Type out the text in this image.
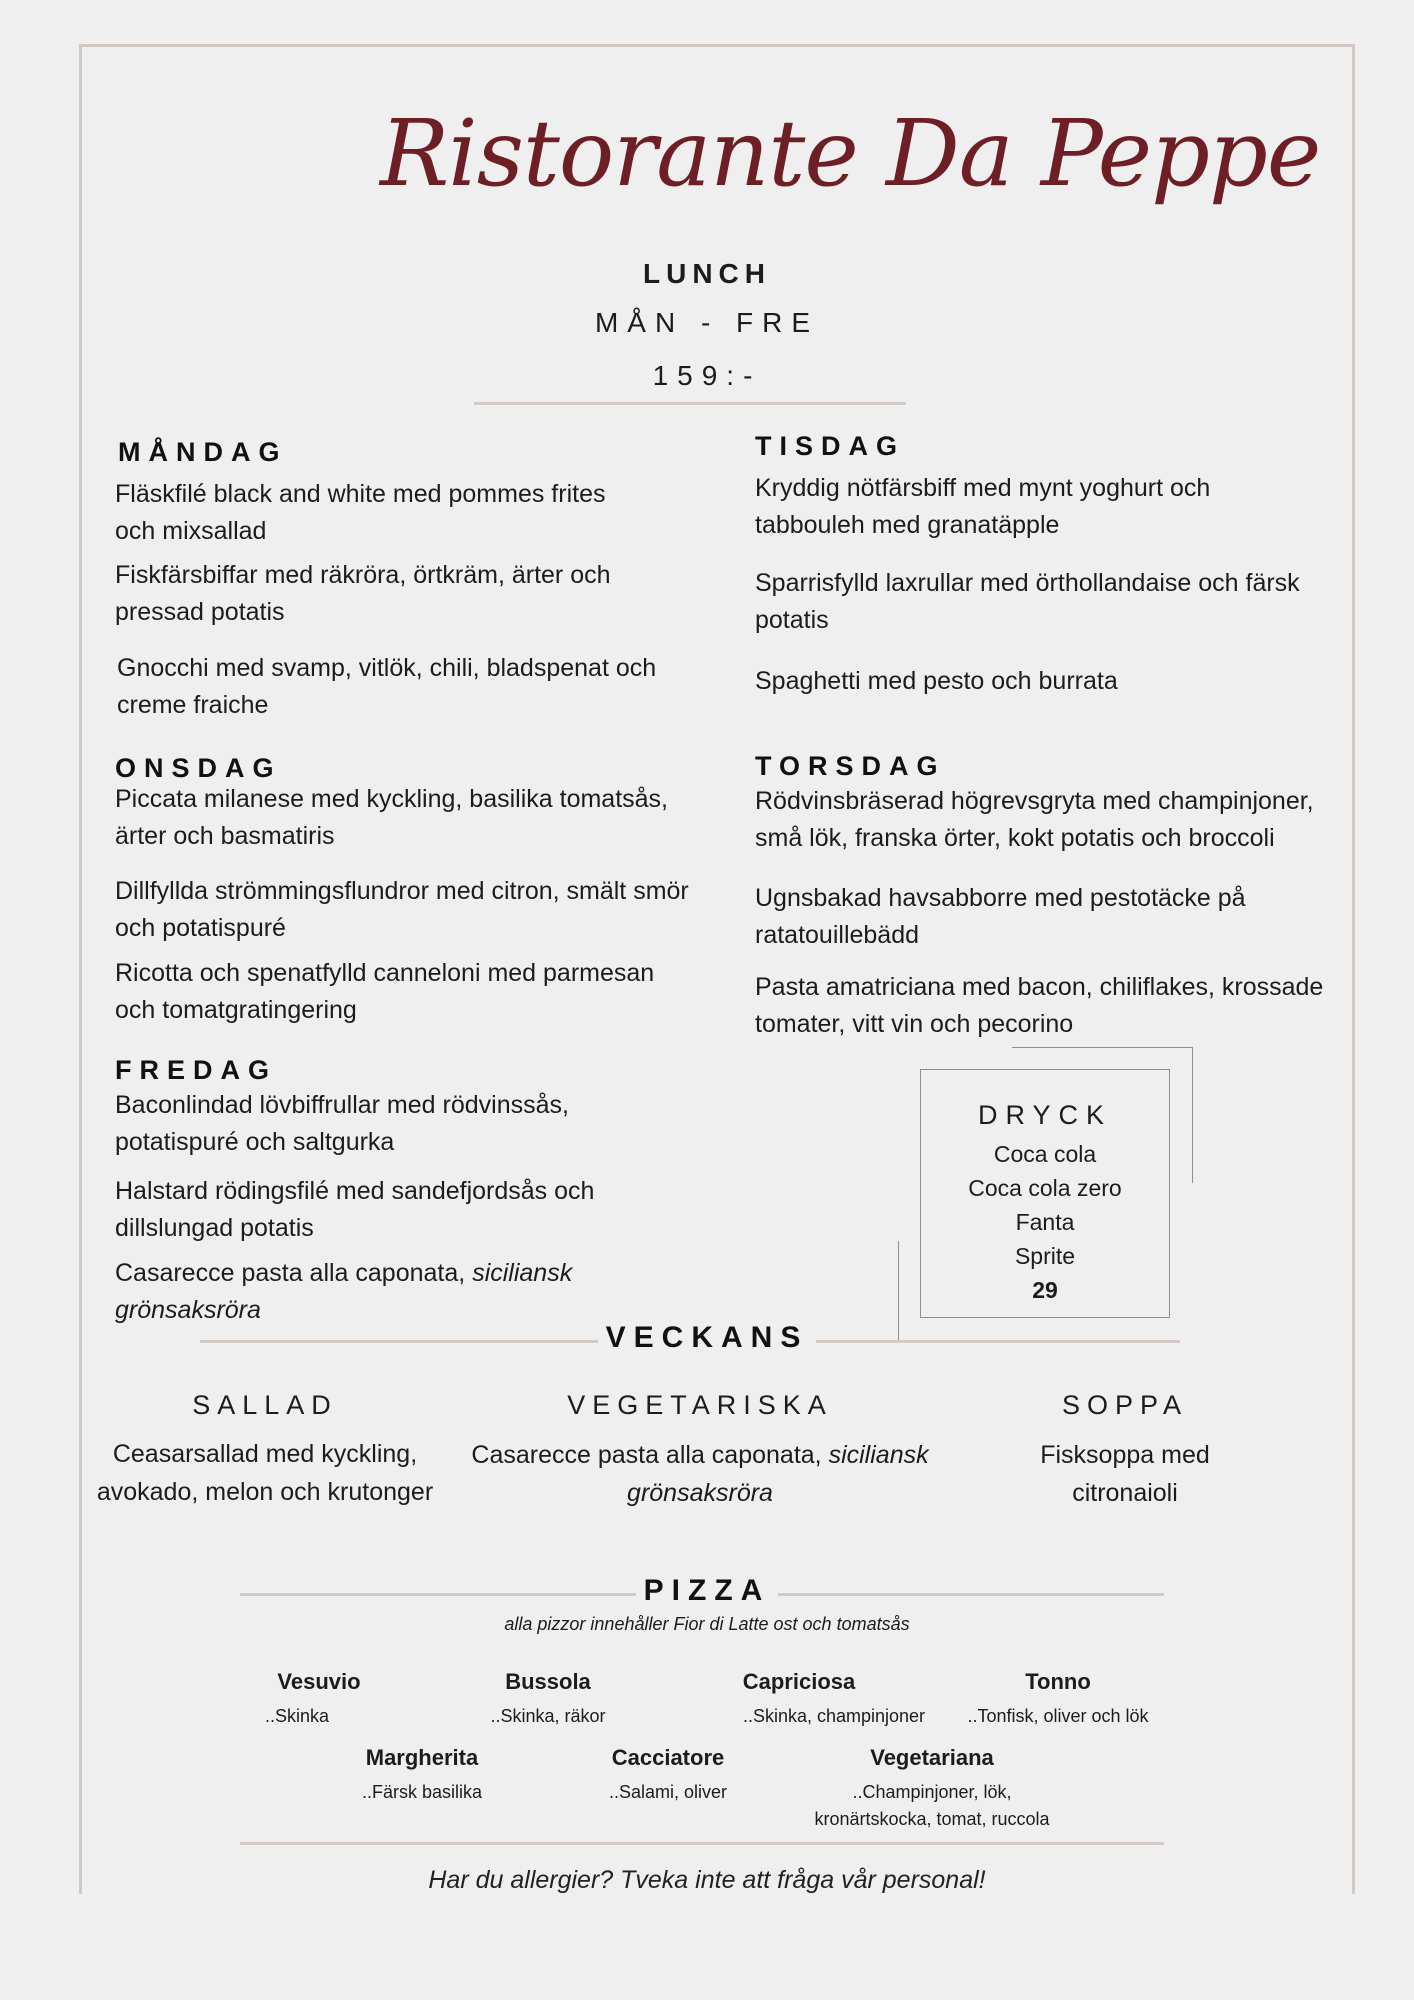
Ristorante Da Peppe
LUNCH
MÅN - FRE
159:-
MÅNDAG
Fläskfilé black and white med pommes frites och mixsallad
Fiskfärsbiffar med räkröra, örtkräm, ärter och pressad potatis
Gnocchi med svamp, vitlök, chili, bladspenat och creme fraiche
TISDAG
Kryddig nötfärsbiff med mynt yoghurt och tabbouleh med granatäpple
Sparrisfylld laxrullar med örthollandaise och färsk potatis
Spaghetti med pesto och burrata
ONSDAG
Piccata milanese med kyckling, basilika tomatsås, ärter och basmatiris
Dillfyllda strömmingsflundror med citron, smält smör och potatispuré
Ricotta och spenatfylld canneloni med parmesan och tomatgratingering
TORSDAG
Rödvinsbräserad högrevsgryta med champinjoner, små lök, franska örter, kokt potatis och broccoli
Ugnsbakad havsabborre med pestotäcke på ratatouillebädd
Pasta amatriciana med bacon, chiliflakes, krossade tomater, vitt vin och pecorino
FREDAG
Baconlindad lövbiffrullar med rödvinssås, potatispuré och saltgurka
Halstard rödingsfilé med sandefjordsås och dillslungad potatis
Casarecce pasta alla caponata, siciliansk grönsaksröra
DRYCK
Coca cola
Coca cola zero
Fanta
Sprite
29
VECKANS
SALLAD
Ceasarsallad med kyckling, avokado, melon och krutonger
VEGETARISKA
Casarecce pasta alla caponata, siciliansk grönsaksröra
SOPPA
Fisksoppa med citronaioli
PIZZA
alla pizzor innehåller Fior di Latte ost och tomatsås
Vesuvio
..Skinka
Bussola
..Skinka, räkor
Capriciosa
..Skinka, champinjoner
Tonno
..Tonfisk, oliver och lök
Margherita
..Färsk basilika
Cacciatore
..Salami, oliver
Vegetariana
..Champinjoner, lök, kronärtskocka, tomat, ruccola
Har du allergier? Tveka inte att fråga vår personal!
